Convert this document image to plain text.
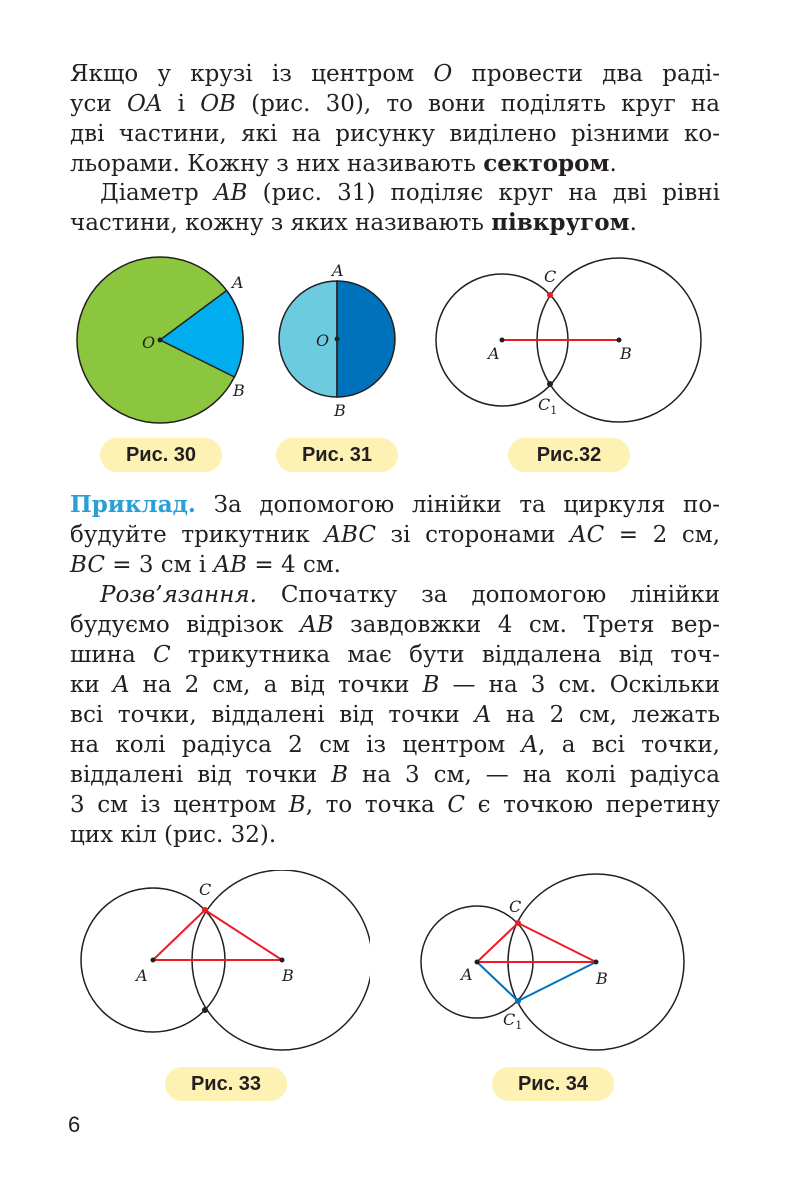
Якщо у крузі із центром O провести два раді-
уси OA і OB (рис. 30), то вони поділять круг на
дві частини, які на рисунку виділено різними ко-
льорами. Кожну з них називають сектором.
Діаметр AB (рис. 31) поділяє круг на дві рівні
частини, кожну з яких називають півкругом.
O
A
B
Рис. 30
A
O
B
Рис. 31
A	B
C
$C_1$
Рис.32
Приклад. За допомогою лінійки та циркуля по-
будуйте трикутник ABC зі сторонами AC = 2 см,
BC = 3 см і AB = 4 см.
Розв’язання. Спочатку за допомогою лінійки
будуємо відрізок AB завдовжки 4 см. Третя вер-
шина C трикутника має бути віддалена від точ-
ки A на 2 см, а від точки B — на 3 см. Оскільки
всі точки, віддалені від точки A на 2 см, лежать
на колі радіуса 2 см із центром A, а всі точки,
віддалені від точки B на 3 см, — на колі радіуса
3 см із центром B, то точка C є точкою перетину
цих кіл (рис. 32).
A	B
C
Рис. 33
A	B
C
$C_1$
Рис. 34
6
